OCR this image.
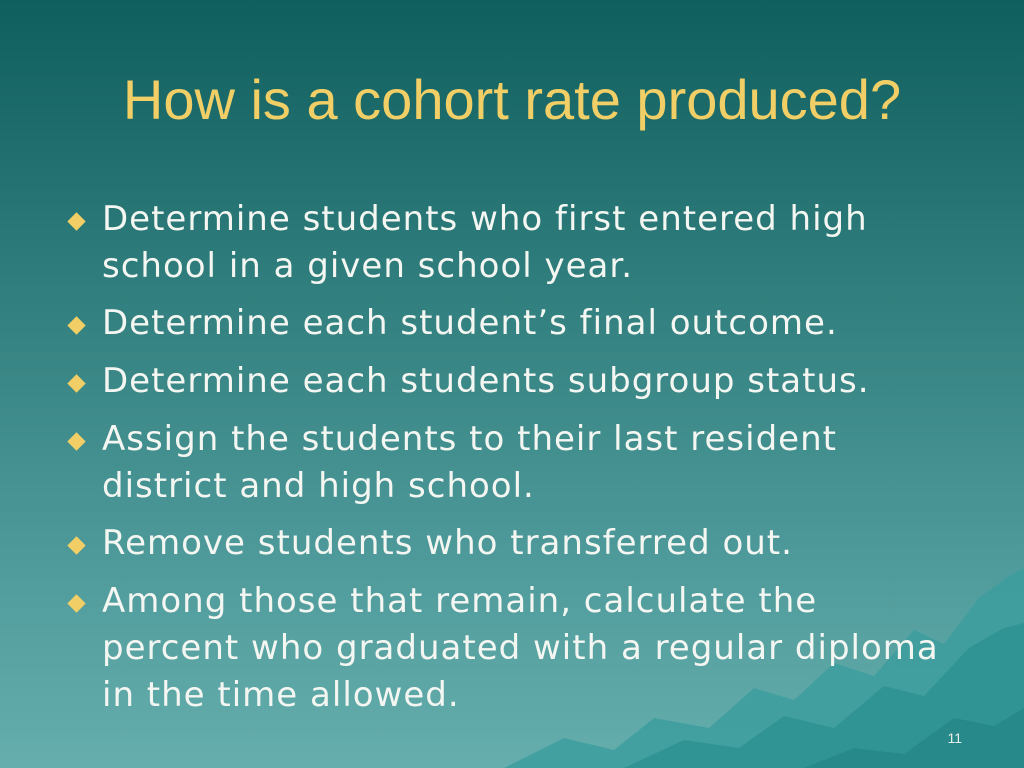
How is a cohort rate produced?
Determine students who first entered high school in a given school year.
Determine each student’s final outcome.
Determine each students subgroup status.
Assign the students to their last resident district and high school.
Remove students who transferred out.
Among those that remain, calculate the percent who graduated with a regular diploma in the time allowed.
11
